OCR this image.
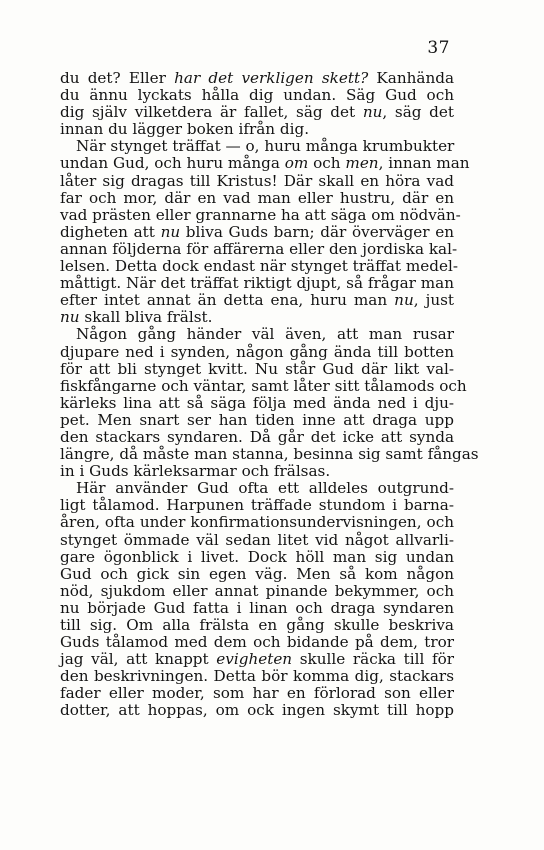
37
du det? Eller har det verkligen skett? Kanhända
du ännu lyckats hålla dig undan. Säg Gud och
dig själv vilketdera är fallet, säg det nu, säg det
innan du lägger boken ifrån dig.
När stynget träffat — o, huru många krumbukter
undan Gud, och huru många om och men, innan man
låter sig dragas till Kristus! Där skall en höra vad
far och mor, där en vad man eller hustru, där en
vad prästen eller grannarne ha att säga om nödvän-
digheten att nu bliva Guds barn; där överväger en
annan följderna för affärerna eller den jordiska kal-
lelsen. Detta dock endast när stynget träffat medel-
måttigt. När det träffat riktigt djupt, så frågar man
efter intet annat än detta ena, huru man nu, just
nu skall bliva frälst.
Någon gång händer väl även, att man rusar
djupare ned i synden, någon gång ända till botten
för att bli stynget kvitt. Nu står Gud där likt val-
fiskfångarne och väntar, samt låter sitt tålamods och
kärleks lina att så säga följa med ända ned i dju-
pet. Men snart ser han tiden inne att draga upp
den stackars syndaren. Då går det icke att synda
längre, då måste man stanna, besinna sig samt fångas
in i Guds kärleksarmar och frälsas.
Här använder Gud ofta ett alldeles outgrund-
ligt tålamod. Harpunen träffade stundom i barna-
åren, ofta under konfirmationsundervisningen, och
stynget ömmade väl sedan litet vid något allvarli-
gare ögonblick i livet. Dock höll man sig undan
Gud och gick sin egen väg. Men så kom någon
nöd, sjukdom eller annat pinande bekymmer, och
nu började Gud fatta i linan och draga syndaren
till sig. Om alla frälsta en gång skulle beskriva
Guds tålamod med dem och bidande på dem, tror
jag väl, att knappt evigheten skulle räcka till för
den beskrivningen. Detta bör komma dig, stackars
fader eller moder, som har en förlorad son eller
dotter, att hoppas, om ock ingen skymt till hopp
